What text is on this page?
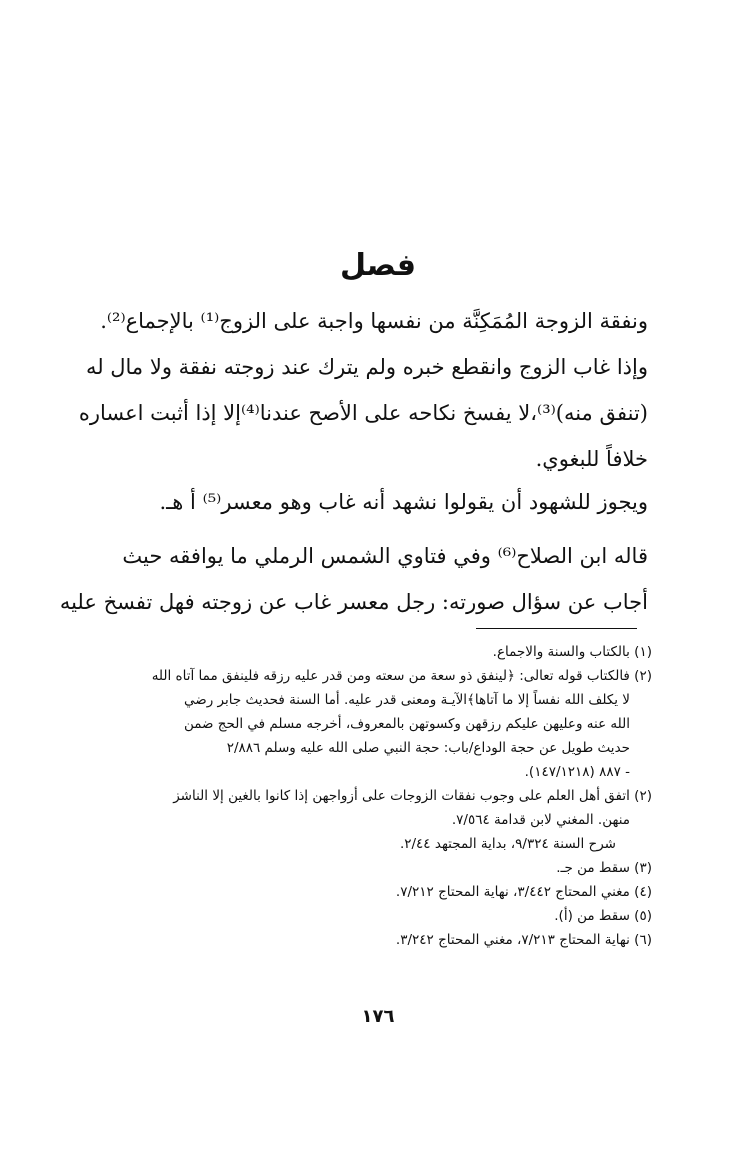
فصل

ونفقة الزوجة المُمَكِنَّة من نفسها واجبة على الزوج⁽¹⁾ بالإجماع⁽²⁾.

وإذا غاب الزوج وانقطع خبره ولم يترك عند زوجته نفقة ولا مال له

(تنفق منه)⁽³⁾،لا يفسخ نكاحه على الأصح عندنا⁽⁴⁾إلا إذا أثبت اعساره

خلافاً للبغوي.

ويجوز للشهود أن يقولوا نشهد أنه غاب وهو معسر⁽⁵⁾ أ هـ.

قاله ابن الصلاح⁽⁶⁾ وفي فتاوي الشمس الرملي ما يوافقه حيث

أجاب عن سؤال صورته: رجل معسر غاب عن زوجته فهل تفسخ عليه

(١) بالكتاب والسنة والاجماع.

(٢) فالكتاب قوله تعالى: ﴿لينفق ذو سعة من سعته ومن قدر عليه رزقه فلينفق مما آتاه الله

لا يكلف الله نفساً إلا ما آتاها﴾الآيـة ومعنى قدر عليه. أما السنة فحديث جابر رضي

الله عنه وعليهن عليكم رزقهن وكسوتهن بالمعروف، أخرجه مسلم في الحج ضمن

حديث طويل عن حجة الوداع/باب: حجة النبي صلى الله عليه وسلم ٢/٨٨٦

- ٨٨٧ (١٤٧/١٢١٨).

(٢) اتفق أهل العلم على وجوب نفقات الزوجات على أزواجهن إذا كانوا بالغين إلا الناشز

منهن. المغني لابن قدامة ٧/٥٦٤.

شرح السنة ٩/٣٢٤، بداية المجتهد ٢/٤٤.

(٣) سقط من جـ.

(٤) مغني المحتاج ٣/٤٤٢، نهاية المحتاج ٧/٢١٢.

(٥) سقط من (أ).

(٦) نهاية المحتاج ٧/٢١٣، مغني المحتاج ٣/٢٤٢.

١٧٦
